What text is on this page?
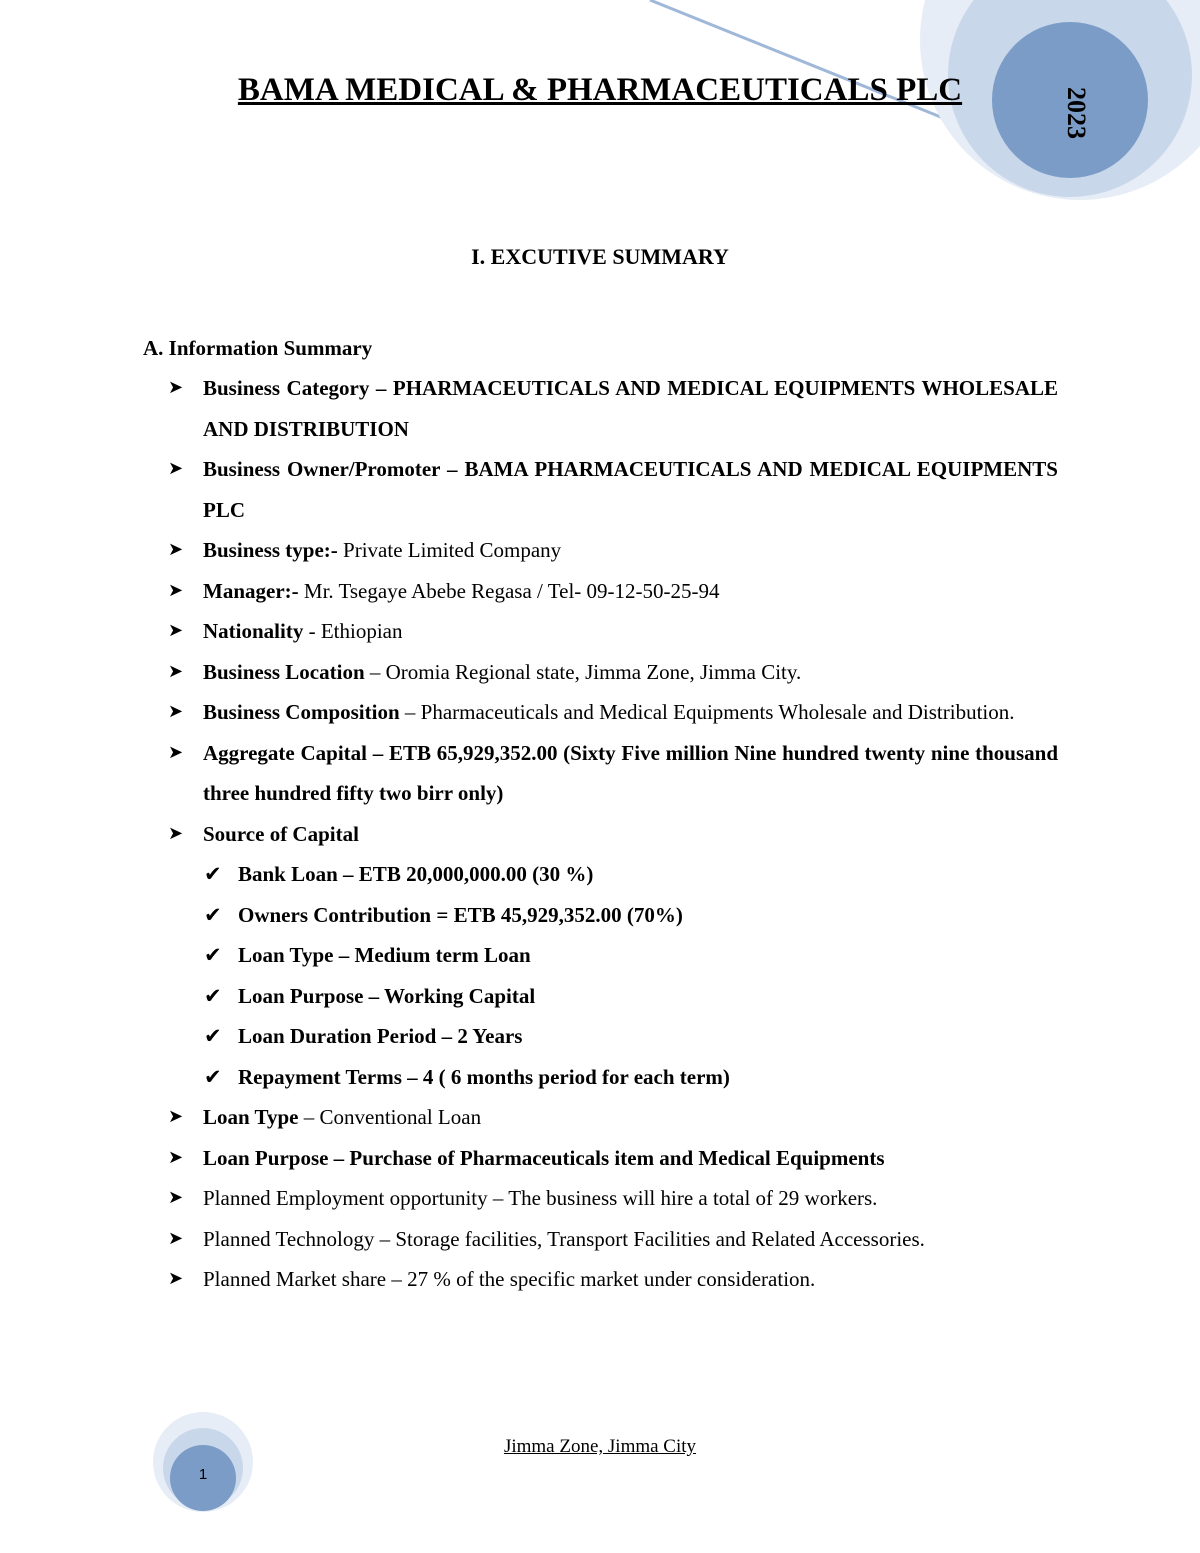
2023
BAMA MEDICAL & PHARMACEUTICALS PLC
I. EXCUTIVE SUMMARY
A. Information Summary
➤ Business Category – PHARMACEUTICALS AND MEDICAL EQUIPMENTS WHOLESALE AND DISTRIBUTION
➤ Business Owner/Promoter – BAMA PHARMACEUTICALS AND MEDICAL EQUIPMENTS PLC
➤ Business type:- Private Limited Company
➤ Manager:- Mr. Tsegaye Abebe Regasa / Tel- 09-12-50-25-94
➤ Nationality - Ethiopian
➤ Business Location – Oromia Regional state, Jimma Zone, Jimma City.
➤ Business Composition – Pharmaceuticals and Medical Equipments Wholesale and Distribution.
➤ Aggregate Capital – ETB 65,929,352.00 (Sixty Five million Nine hundred twenty nine thousand three hundred fifty two birr only)
➤ Source of Capital
✔ Bank Loan – ETB 20,000,000.00 (30 %)
✔ Owners Contribution = ETB 45,929,352.00 (70%)
✔ Loan Type – Medium term Loan
✔ Loan Purpose – Working Capital
✔ Loan Duration Period – 2 Years
✔ Repayment Terms – 4 ( 6 months period for each term)
➤ Loan Type – Conventional Loan
➤ Loan Purpose – Purchase of Pharmaceuticals item and Medical Equipments
➤ Planned Employment opportunity – The business will hire a total of 29 workers.
➤ Planned Technology – Storage facilities, Transport Facilities and Related Accessories.
➤ Planned Market share – 27 % of the specific market under consideration.
1
Jimma Zone, Jimma City
